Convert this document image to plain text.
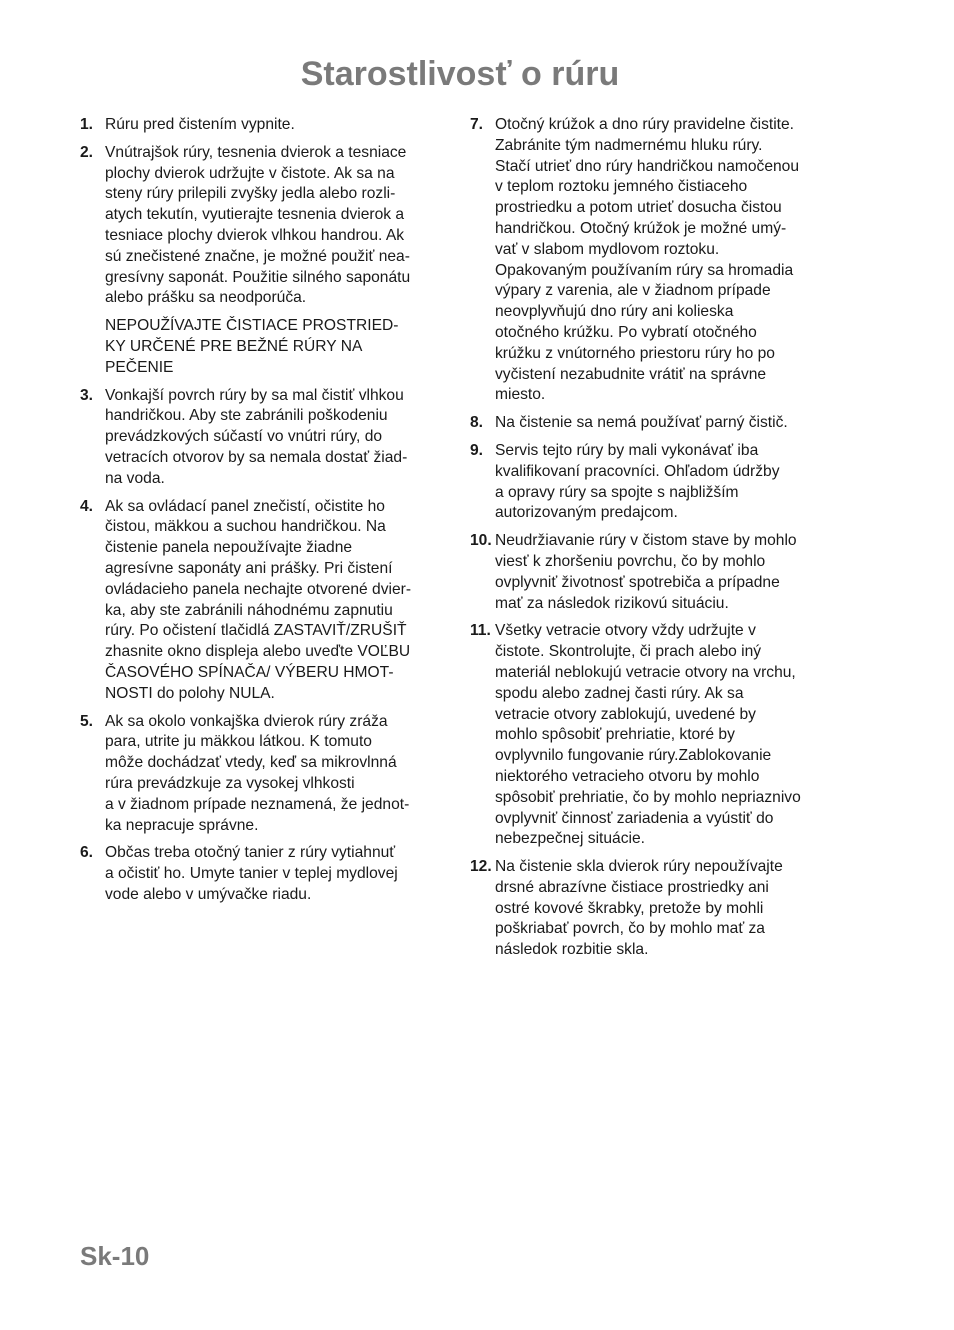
Starostlivosť o rúru
1. Rúru pred čistením vypnite.

2. Vnútrajšok rúry, tesnenia dvierok a tesniace
plochy dvierok udržujte v čistote. Ak sa na
steny rúry prilepili zvyšky jedla alebo rozli-
atych tekutín, vyutierajte tesnenia dvierok a
tesniace plochy dvierok vlhkou handrou. Ak
sú znečistené značne, je možné použiť nea-
gresívny saponát. Použitie silného saponátu
alebo prášku sa neodporúča.

NEPOUŽÍVAJTE ČISTIACE PROSTRIED-
KY URČENÉ PRE BEŽNÉ RÚRY NA
PEČENIE

3. Vonkajší povrch rúry by sa mal čistiť vlhkou
handričkou. Aby ste zabránili poškodeniu
prevádzkových súčastí vo vnútri rúry, do
vetracích otvorov by sa nemala dostať žiad-
na voda.

4. Ak sa ovládací panel znečistí, očistite ho
čistou, mäkkou a suchou handričkou. Na
čistenie panela nepoužívajte žiadne
agresívne saponáty ani prášky. Pri čistení
ovládacieho panela nechajte otvorené dvier-
ka, aby ste zabránili náhodnému zapnutiu
rúry. Po očistení tlačidlá ZASTAVIŤ/ZRUŠIŤ
zhasnite okno displeja alebo uveďte VOĽBU
ČASOVÉHO SPÍNAČA/ VÝBERU HMOT-
NOSTI do polohy NULA.

5. Ak sa okolo vonkajška dvierok rúry zráža
para, utrite ju mäkkou látkou. K tomuto
môže dochádzať vtedy, keď sa mikrovlnná
rúra prevádzkuje za vysokej vlhkosti
a v žiadnom prípade neznamená, že jednot-
ka nepracuje správne.

6. Občas treba otočný tanier z rúry vytiahnuť
a očistiť ho. Umyte tanier v teplej mydlovej
vode alebo v umývačke riadu.

7. Otočný krúžok a dno rúry pravidelne čistite.
Zabránite tým nadmernému hluku rúry.
Stačí utrieť dno rúry handričkou namočenou
v teplom roztoku jemného čistiaceho
prostriedku a potom utrieť dosucha čistou
handričkou. Otočný krúžok je možné umý-
vať v slabom mydlovom roztoku.
Opakovaným používaním rúry sa hromadia
výpary z varenia, ale v žiadnom prípade
neovplyvňujú dno rúry ani kolieska
otočného krúžku. Po vybratí otočného
krúžku z vnútorného priestoru rúry ho po
vyčistení nezabudnite vrátiť na správne
miesto.

8. Na čistenie sa nemá používať parný čistič.

9. Servis tejto rúry by mali vykonávať iba
kvalifikovaní pracovníci. Ohľadom údržby
a opravy rúry sa spojte s najbližším
autorizovaným predajcom.

10. Neudržiavanie rúry v čistom stave by mohlo
viesť k zhoršeniu povrchu, čo by mohlo
ovplyvniť životnosť spotrebiča a prípadne
mať za následok rizikovú situáciu.

11. Všetky vetracie otvory vždy udržujte v
čistote. Skontrolujte, či prach alebo iný
materiál neblokujú vetracie otvory na vrchu,
spodu alebo zadnej časti rúry. Ak sa
vetracie otvory zablokujú, uvedené by
mohlo spôsobiť prehriatie, ktoré by
ovplyvnilo fungovanie rúry.Zablokovanie
niektorého vetracieho otvoru by mohlo
spôsobiť prehriatie, čo by mohlo nepriaznivo
ovplyvniť činnosť zariadenia a vyústiť do
nebezpečnej situácie.

12. Na čistenie skla dvierok rúry nepoužívajte
drsné abrazívne čistiace prostriedky ani
ostré kovové škrabky, pretože by mohli
poškriabať povrch, čo by mohlo mať za
následok rozbitie skla.

Sk-10
